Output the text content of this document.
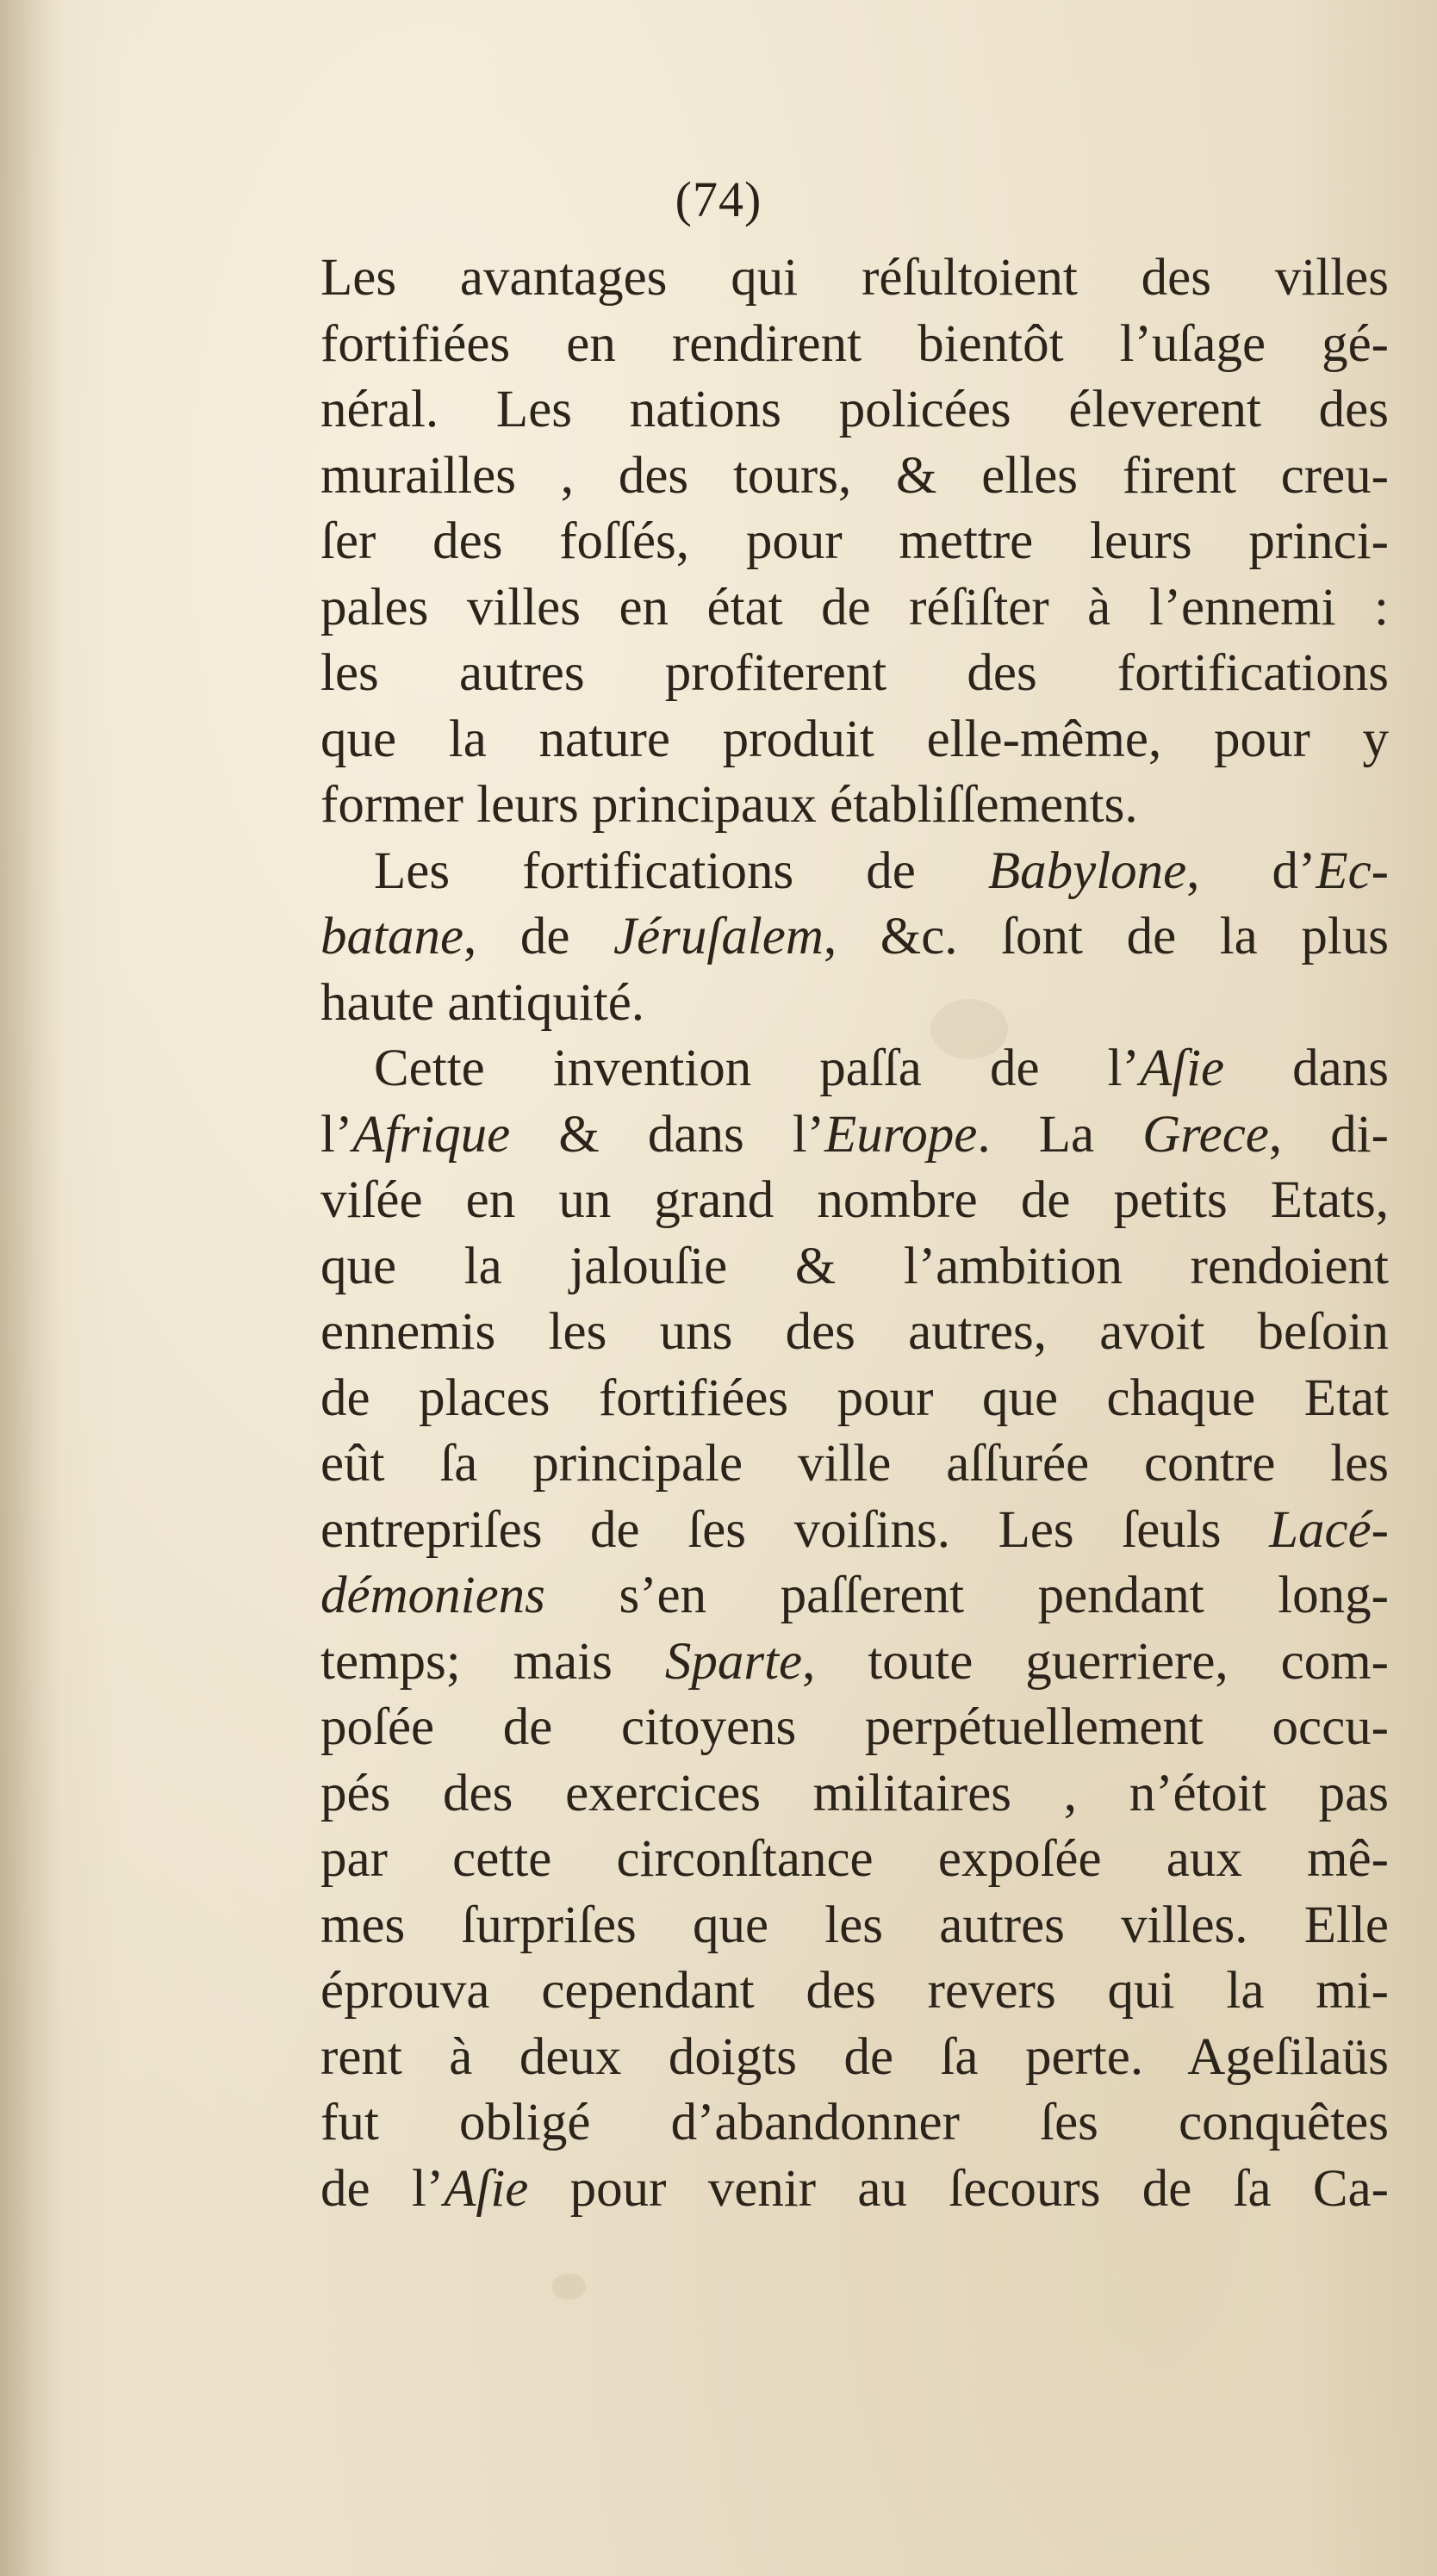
(74)
Les avantages qui réſultoient des villes
fortifiées en rendirent bientôt l’uſage gé-
néral. Les nations policées éleverent des
murailles , des tours, & elles firent creu-
ſer des foſſés, pour mettre leurs princi-
pales villes en état de réſiſter à l’ennemi :
les autres profiterent des fortifications
que la nature produit elle-même, pour y
former leurs principaux établiſſements.
Les fortifications de Babylone, d’Ec-
batane, de Jéruſalem, &c. ſont de la plus
haute antiquité.
Cette invention paſſa de l’Aſie dans
l’Afrique & dans l’Europe. La Grece, di-
viſée en un grand nombre de petits Etats,
que la jalouſie & l’ambition rendoient
ennemis les uns des autres, avoit beſoin
de places fortifiées pour que chaque Etat
eût ſa principale ville aſſurée contre les
entrepriſes de ſes voiſins. Les ſeuls Lacé-
démoniens s’en paſſerent pendant long-
temps; mais Sparte, toute guerriere, com-
poſée de citoyens perpétuellement occu-
pés des exercices militaires , n’étoit pas
par cette circonſtance expoſée aux mê-
mes ſurpriſes que les autres villes. Elle
éprouva cependant des revers qui la mi-
rent à deux doigts de ſa perte. Ageſilaüs
fut obligé d’abandonner ſes conquêtes
de l’Aſie pour venir au ſecours de ſa Ca-
